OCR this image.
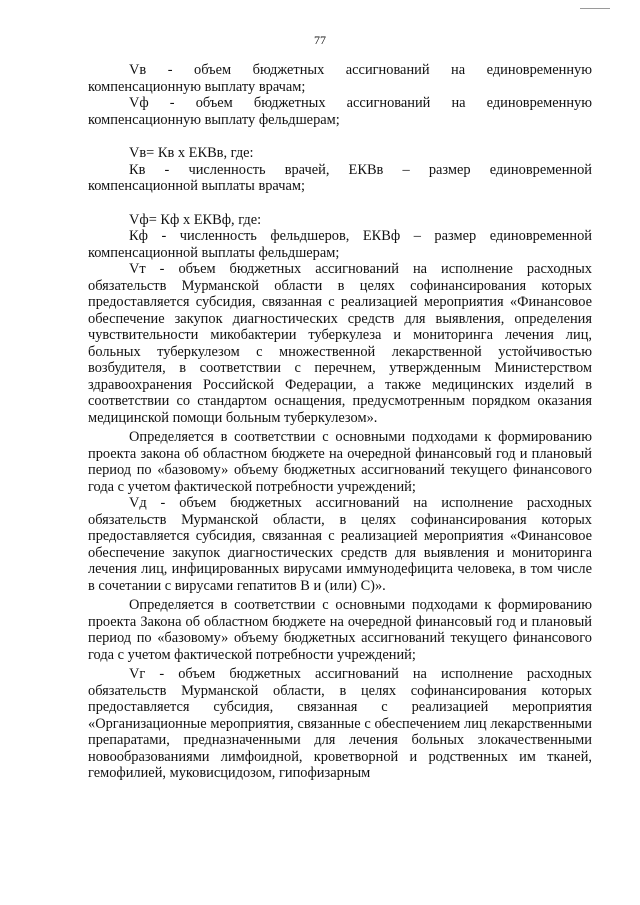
77

Vв - объем бюджетных ассигнований на единовременную компенсационную выплату врачам;

Vф - объем бюджетных ассигнований на единовременную компенсационную выплату фельдшерам;

Vв= Кв х ЕКВв, где:

Кв - численность врачей, ЕКВв – размер единовременной компенсационной выплаты врачам;

Vф= Кф х ЕКВф, где:

Кф - численность фельдшеров, ЕКВф – размер единовременной компенсационной выплаты фельдшерам;

Vт - объем бюджетных ассигнований на исполнение расходных обязательств Мурманской области в целях софинансирования которых предоставляется субсидия, связанная с реализацией мероприятия «Финансовое обеспечение закупок диагностических средств для выявления, определения чувствительности микобактерии туберкулеза и мониторинга лечения лиц, больных туберкулезом с множественной лекарственной устойчивостью возбудителя, в соответствии с перечнем, утвержденным Министерством здравоохранения Российской Федерации, а также медицинских изделий в соответствии со стандартом оснащения, предусмотренным порядком оказания медицинской помощи больным туберкулезом».

Определяется в соответствии с основными подходами к формированию проекта закона об областном бюджете на очередной финансовый год и плановый период по «базовому» объему бюджетных ассигнований текущего финансового года с учетом фактической потребности учреждений;

Vд - объем бюджетных ассигнований на исполнение расходных обязательств Мурманской области, в целях софинансирования которых предоставляется субсидия, связанная с реализацией мероприятия «Финансовое обеспечение закупок диагностических средств для выявления и мониторинга лечения лиц, инфицированных вирусами иммунодефицита человека, в том числе в сочетании с вирусами гепатитов В и (или) С)».

Определяется в соответствии с основными подходами к формированию проекта Закона об областном бюджете на очередной финансовый год и плановый период по «базовому» объему бюджетных ассигнований текущего финансового года с учетом фактической потребности учреждений;

Vг - объем бюджетных ассигнований на исполнение расходных обязательств Мурманской области, в целях софинансирования которых предоставляется субсидия, связанная с реализацией мероприятия «Организационные мероприятия, связанные с обеспечением лиц лекарственными препаратами, предназначенными для лечения больных злокачественными новообразованиями лимфоидной, кроветворной и родственных им тканей, гемофилией, муковисцидозом, гипофизарным
